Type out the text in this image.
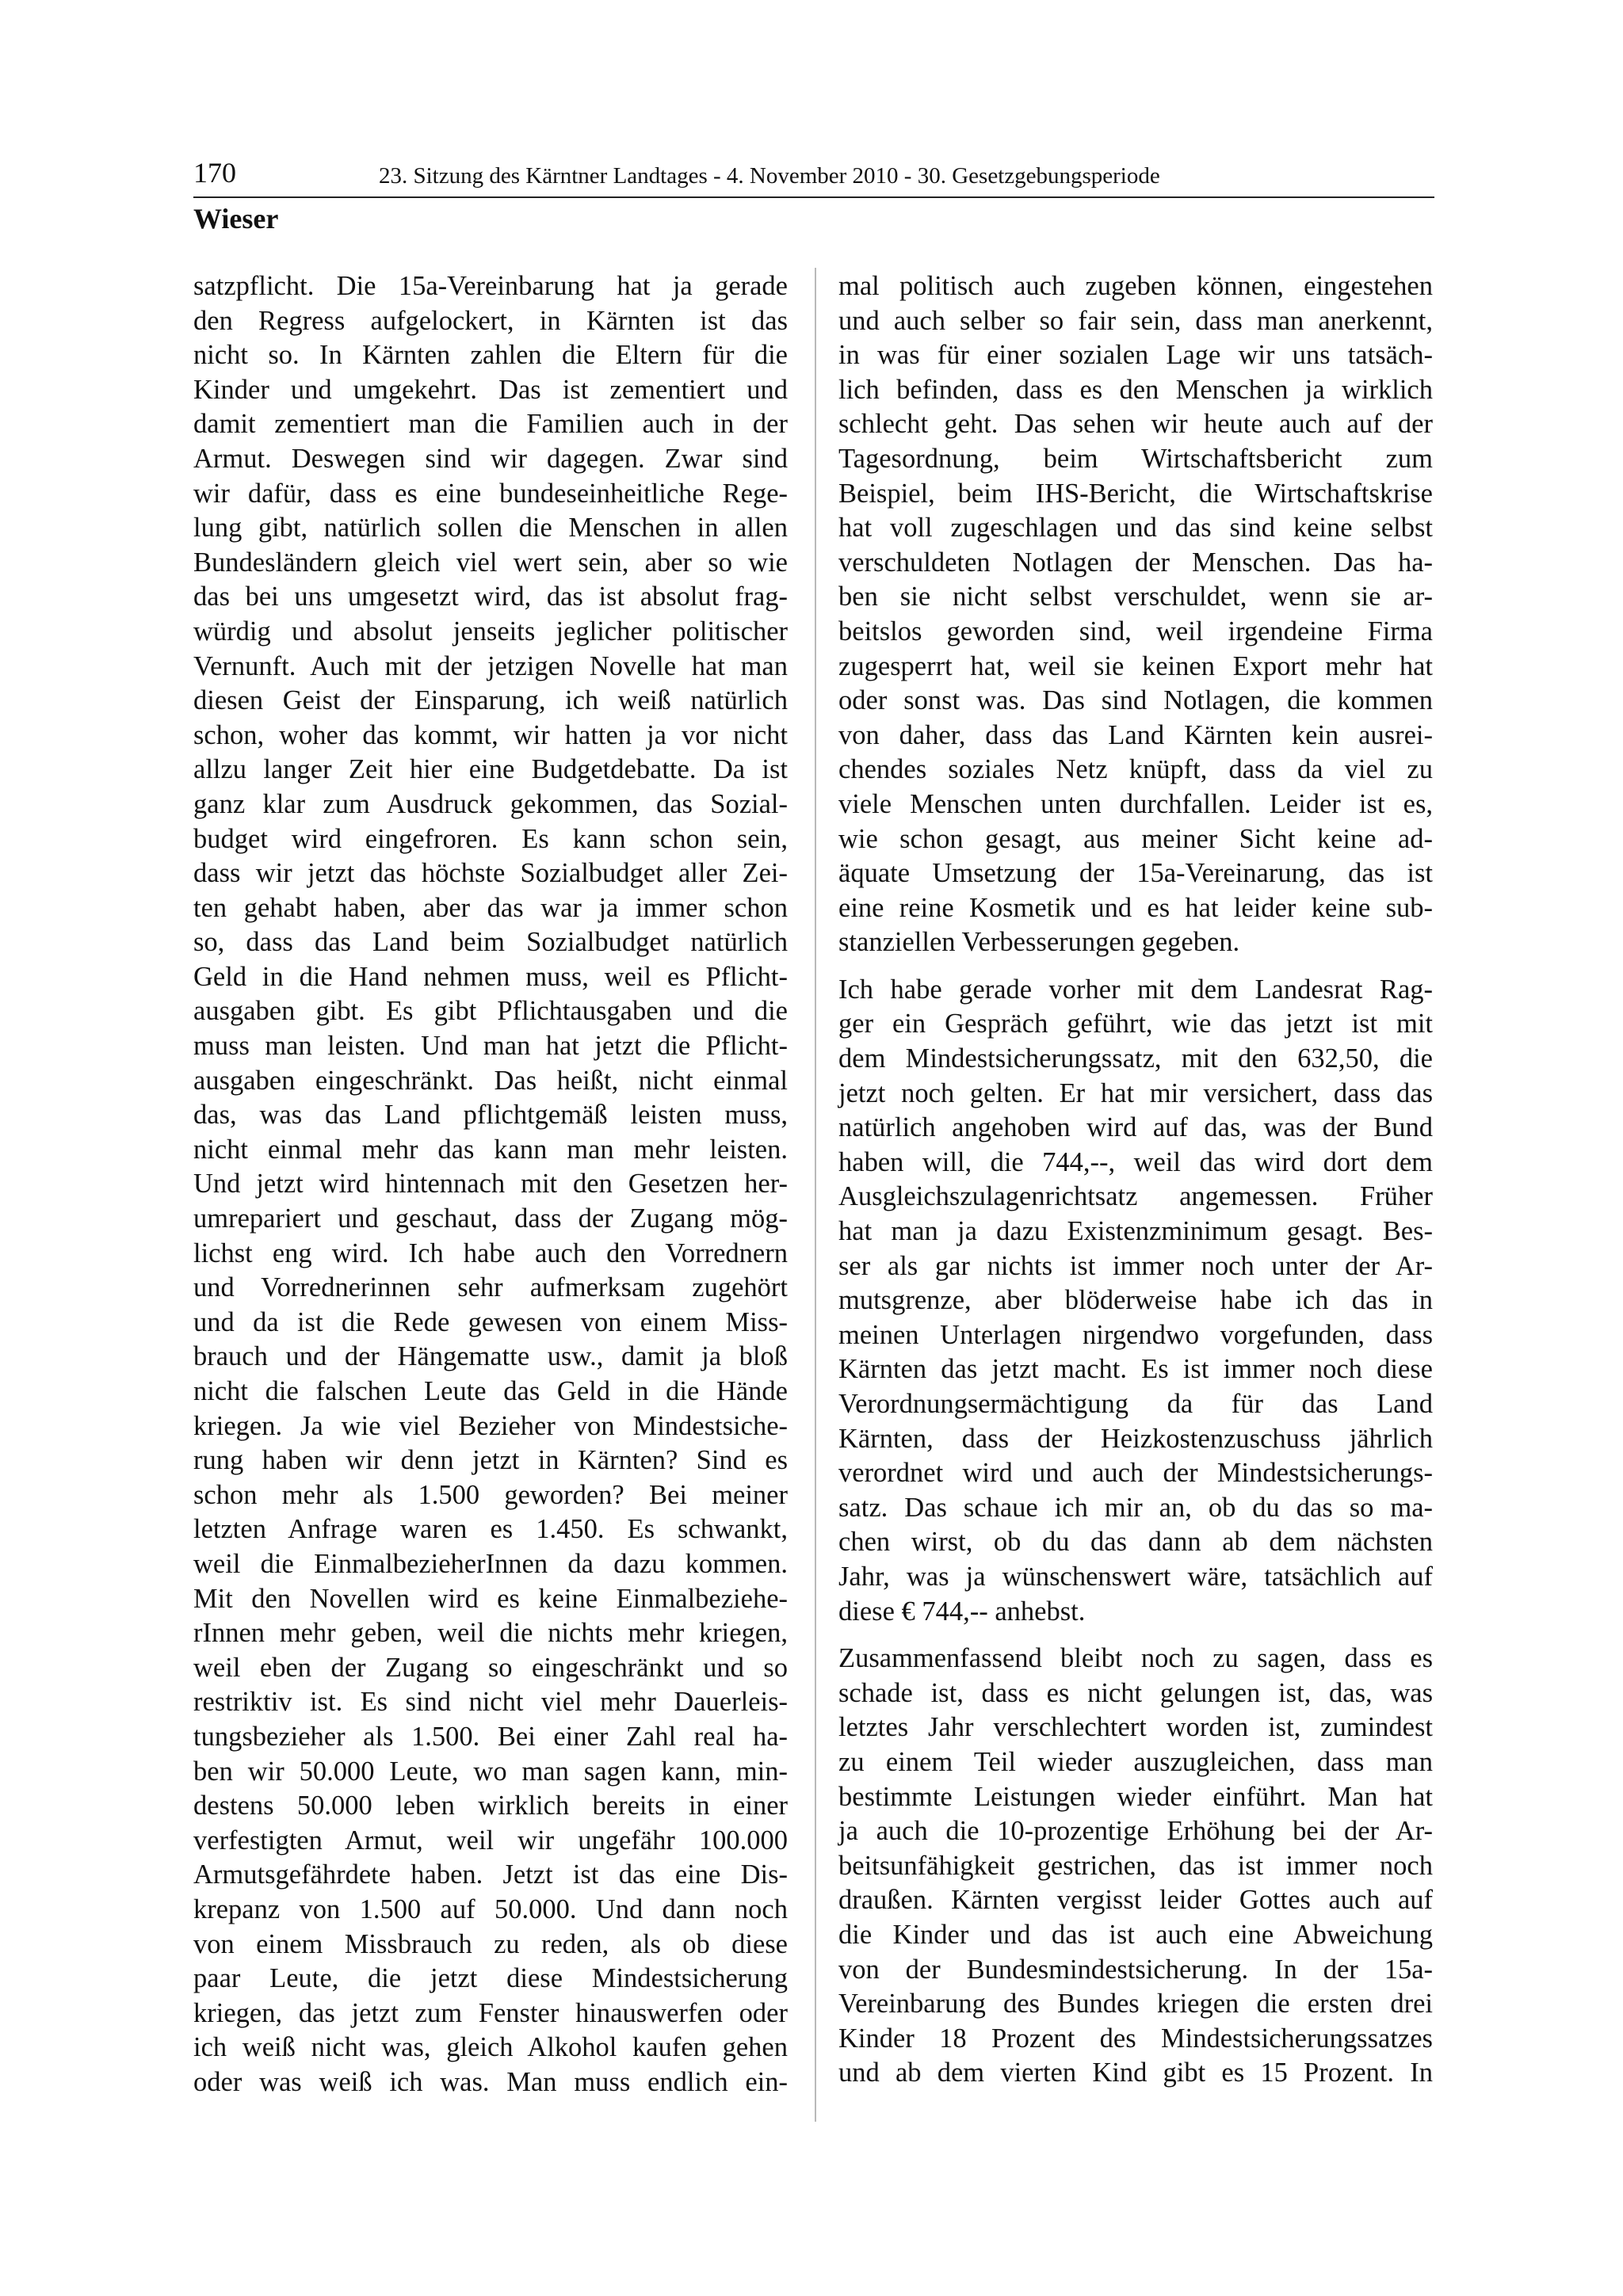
170	23. Sitzung des Kärntner Landtages - 4. November 2010 - 30. Gesetzgebungsperiode
Wieser
satzpflicht. Die 15a-Vereinbarung hat ja gerade
den Regress aufgelockert, in Kärnten ist das
nicht so. In Kärnten zahlen die Eltern für die
Kinder und umgekehrt. Das ist zementiert und
damit zementiert man die Familien auch in der
Armut. Deswegen sind wir dagegen. Zwar sind
wir dafür, dass es eine bundeseinheitliche Rege-
lung gibt, natürlich sollen die Menschen in allen
Bundesländern gleich viel wert sein, aber so wie
das bei uns umgesetzt wird, das ist absolut frag-
würdig und absolut jenseits jeglicher politischer
Vernunft. Auch mit der jetzigen Novelle hat man
diesen Geist der Einsparung, ich weiß natürlich
schon, woher das kommt, wir hatten ja vor nicht
allzu langer Zeit hier eine Budgetdebatte. Da ist
ganz klar zum Ausdruck gekommen, das Sozial-
budget wird eingefroren. Es kann schon sein,
dass wir jetzt das höchste Sozialbudget aller Zei-
ten gehabt haben, aber das war ja immer schon
so, dass das Land beim Sozialbudget natürlich
Geld in die Hand nehmen muss, weil es Pflicht-
ausgaben gibt. Es gibt Pflichtausgaben und die
muss man leisten. Und man hat jetzt die Pflicht-
ausgaben eingeschränkt. Das heißt, nicht einmal
das, was das Land pflichtgemäß leisten muss,
nicht einmal mehr das kann man mehr leisten.
Und jetzt wird hintennach mit den Gesetzen her-
umrepariert und geschaut, dass der Zugang mög-
lichst eng wird. Ich habe auch den Vorrednern
und Vorrednerinnen sehr aufmerksam zugehört
und da ist die Rede gewesen von einem Miss-
brauch und der Hängematte usw., damit ja bloß
nicht die falschen Leute das Geld in die Hände
kriegen. Ja wie viel Bezieher von Mindestsiche-
rung haben wir denn jetzt in Kärnten? Sind es
schon mehr als 1.500 geworden? Bei meiner
letzten Anfrage waren es 1.450. Es schwankt,
weil die EinmalbezieherInnen da dazu kommen.
Mit den Novellen wird es keine Einmalbeziehe-
rInnen mehr geben, weil die nichts mehr kriegen,
weil eben der Zugang so eingeschränkt und so
restriktiv ist. Es sind nicht viel mehr Dauerleis-
tungsbezieher als 1.500. Bei einer Zahl real ha-
ben wir 50.000 Leute, wo man sagen kann, min-
destens 50.000 leben wirklich bereits in einer
verfestigten Armut, weil wir ungefähr 100.000
Armutsgefährdete haben. Jetzt ist das eine Dis-
krepanz von 1.500 auf 50.000. Und dann noch
von einem Missbrauch zu reden, als ob diese
paar Leute, die jetzt diese Mindestsicherung
kriegen, das jetzt zum Fenster hinauswerfen oder
ich weiß nicht was, gleich Alkohol kaufen gehen
oder was weiß ich was. Man muss endlich ein-
mal politisch auch zugeben können, eingestehen
und auch selber so fair sein, dass man anerkennt,
in was für einer sozialen Lage wir uns tatsäch-
lich befinden, dass es den Menschen ja wirklich
schlecht geht. Das sehen wir heute auch auf der
Tagesordnung, beim Wirtschaftsbericht zum
Beispiel, beim IHS-Bericht, die Wirtschaftskrise
hat voll zugeschlagen und das sind keine selbst
verschuldeten Notlagen der Menschen. Das ha-
ben sie nicht selbst verschuldet, wenn sie ar-
beitslos geworden sind, weil irgendeine Firma
zugesperrt hat, weil sie keinen Export mehr hat
oder sonst was. Das sind Notlagen, die kommen
von daher, dass das Land Kärnten kein ausrei-
chendes soziales Netz knüpft, dass da viel zu
viele Menschen unten durchfallen. Leider ist es,
wie schon gesagt, aus meiner Sicht keine ad-
äquate Umsetzung der 15a-Vereinarung, das ist
eine reine Kosmetik und es hat leider keine sub-
stanziellen Verbesserungen gegeben.
Ich habe gerade vorher mit dem Landesrat Rag-
ger ein Gespräch geführt, wie das jetzt ist mit
dem Mindestsicherungssatz, mit den 632,50, die
jetzt noch gelten. Er hat mir versichert, dass das
natürlich angehoben wird auf das, was der Bund
haben will, die 744,--, weil das wird dort dem
Ausgleichszulagenrichtsatz angemessen. Früher
hat man ja dazu Existenzminimum gesagt. Bes-
ser als gar nichts ist immer noch unter der Ar-
mutsgrenze, aber blöderweise habe ich das in
meinen Unterlagen nirgendwo vorgefunden, dass
Kärnten das jetzt macht. Es ist immer noch diese
Verordnungsermächtigung da für das Land
Kärnten, dass der Heizkostenzuschuss jährlich
verordnet wird und auch der Mindestsicherungs-
satz. Das schaue ich mir an, ob du das so ma-
chen wirst, ob du das dann ab dem nächsten
Jahr, was ja wünschenswert wäre, tatsächlich auf
diese € 744,-- anhebst.
Zusammenfassend bleibt noch zu sagen, dass es
schade ist, dass es nicht gelungen ist, das, was
letztes Jahr verschlechtert worden ist, zumindest
zu einem Teil wieder auszugleichen, dass man
bestimmte Leistungen wieder einführt. Man hat
ja auch die 10-prozentige Erhöhung bei der Ar-
beitsunfähigkeit gestrichen, das ist immer noch
draußen. Kärnten vergisst leider Gottes auch auf
die Kinder und das ist auch eine Abweichung
von der Bundesmindestsicherung. In der 15a-
Vereinbarung des Bundes kriegen die ersten drei
Kinder 18 Prozent des Mindestsicherungssatzes
und ab dem vierten Kind gibt es 15 Prozent. In
